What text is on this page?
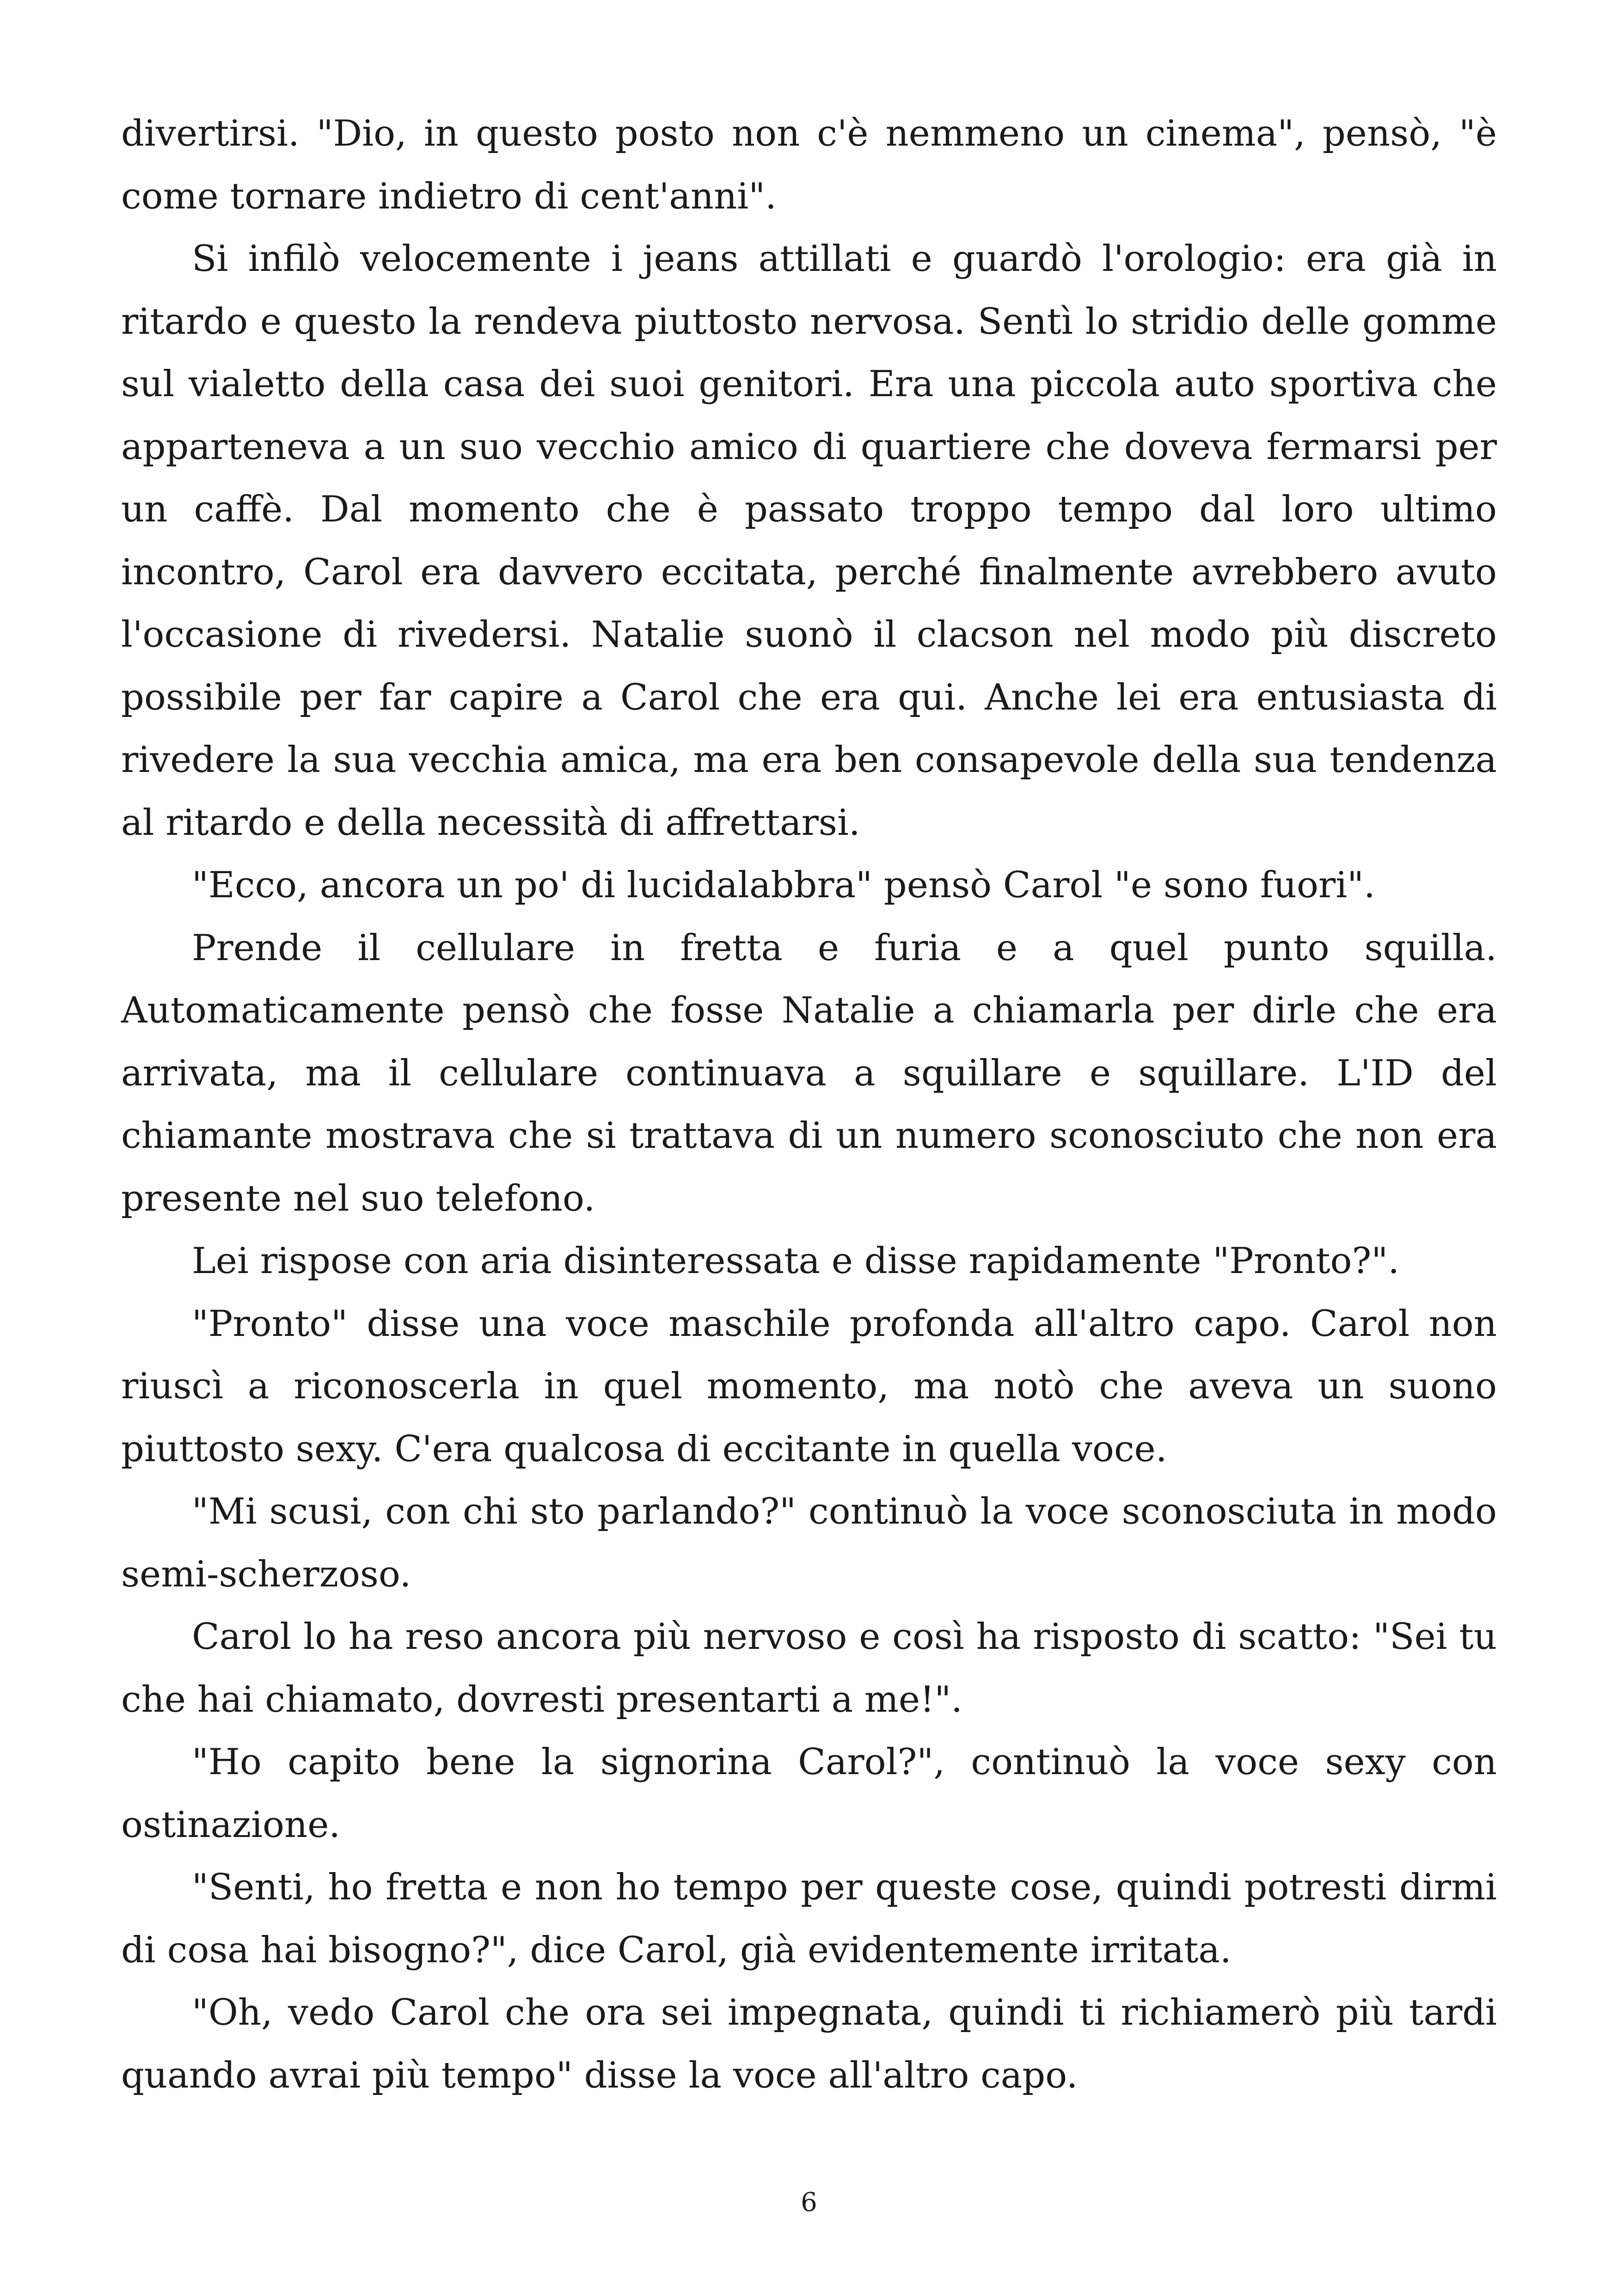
divertirsi. "Dio, in questo posto non c'è nemmeno un cinema", pensò, "è come tornare indietro di cent'anni".

Si infilò velocemente i jeans attillati e guardò l'orologio: era già in ritardo e questo la rendeva piuttosto nervosa. Sentì lo stridio delle gomme sul vialetto della casa dei suoi genitori. Era una piccola auto sportiva che apparteneva a un suo vecchio amico di quartiere che doveva fermarsi per un caffè. Dal momento che è passato troppo tempo dal loro ultimo incontro, Carol era davvero eccitata, perché finalmente avrebbero avuto l'occasione di rivedersi. Natalie suonò il clacson nel modo più discreto possibile per far capire a Carol che era qui. Anche lei era entusiasta di rivedere la sua vecchia amica, ma era ben consapevole della sua tendenza al ritardo e della necessità di affrettarsi.

"Ecco, ancora un po' di lucidalabbra" pensò Carol "e sono fuori".

Prende il cellulare in fretta e furia e a quel punto squilla. Automaticamente pensò che fosse Natalie a chiamarla per dirle che era arrivata, ma il cellulare continuava a squillare e squillare. L'ID del chiamante mostrava che si trattava di un numero sconosciuto che non era presente nel suo telefono.

Lei rispose con aria disinteressata e disse rapidamente "Pronto?".

"Pronto" disse una voce maschile profonda all'altro capo. Carol non riuscì a riconoscerla in quel momento, ma notò che aveva un suono piuttosto sexy. C'era qualcosa di eccitante in quella voce.

"Mi scusi, con chi sto parlando?" continuò la voce sconosciuta in modo semi-scherzoso.

Carol lo ha reso ancora più nervoso e così ha risposto di scatto: "Sei tu che hai chiamato, dovresti presentarti a me!".

"Ho capito bene la signorina Carol?", continuò la voce sexy con ostinazione.

"Senti, ho fretta e non ho tempo per queste cose, quindi potresti dirmi di cosa hai bisogno?", dice Carol, già evidentemente irritata.

"Oh, vedo Carol che ora sei impegnata, quindi ti richiamerò più tardi quando avrai più tempo" disse la voce all'altro capo.

6
